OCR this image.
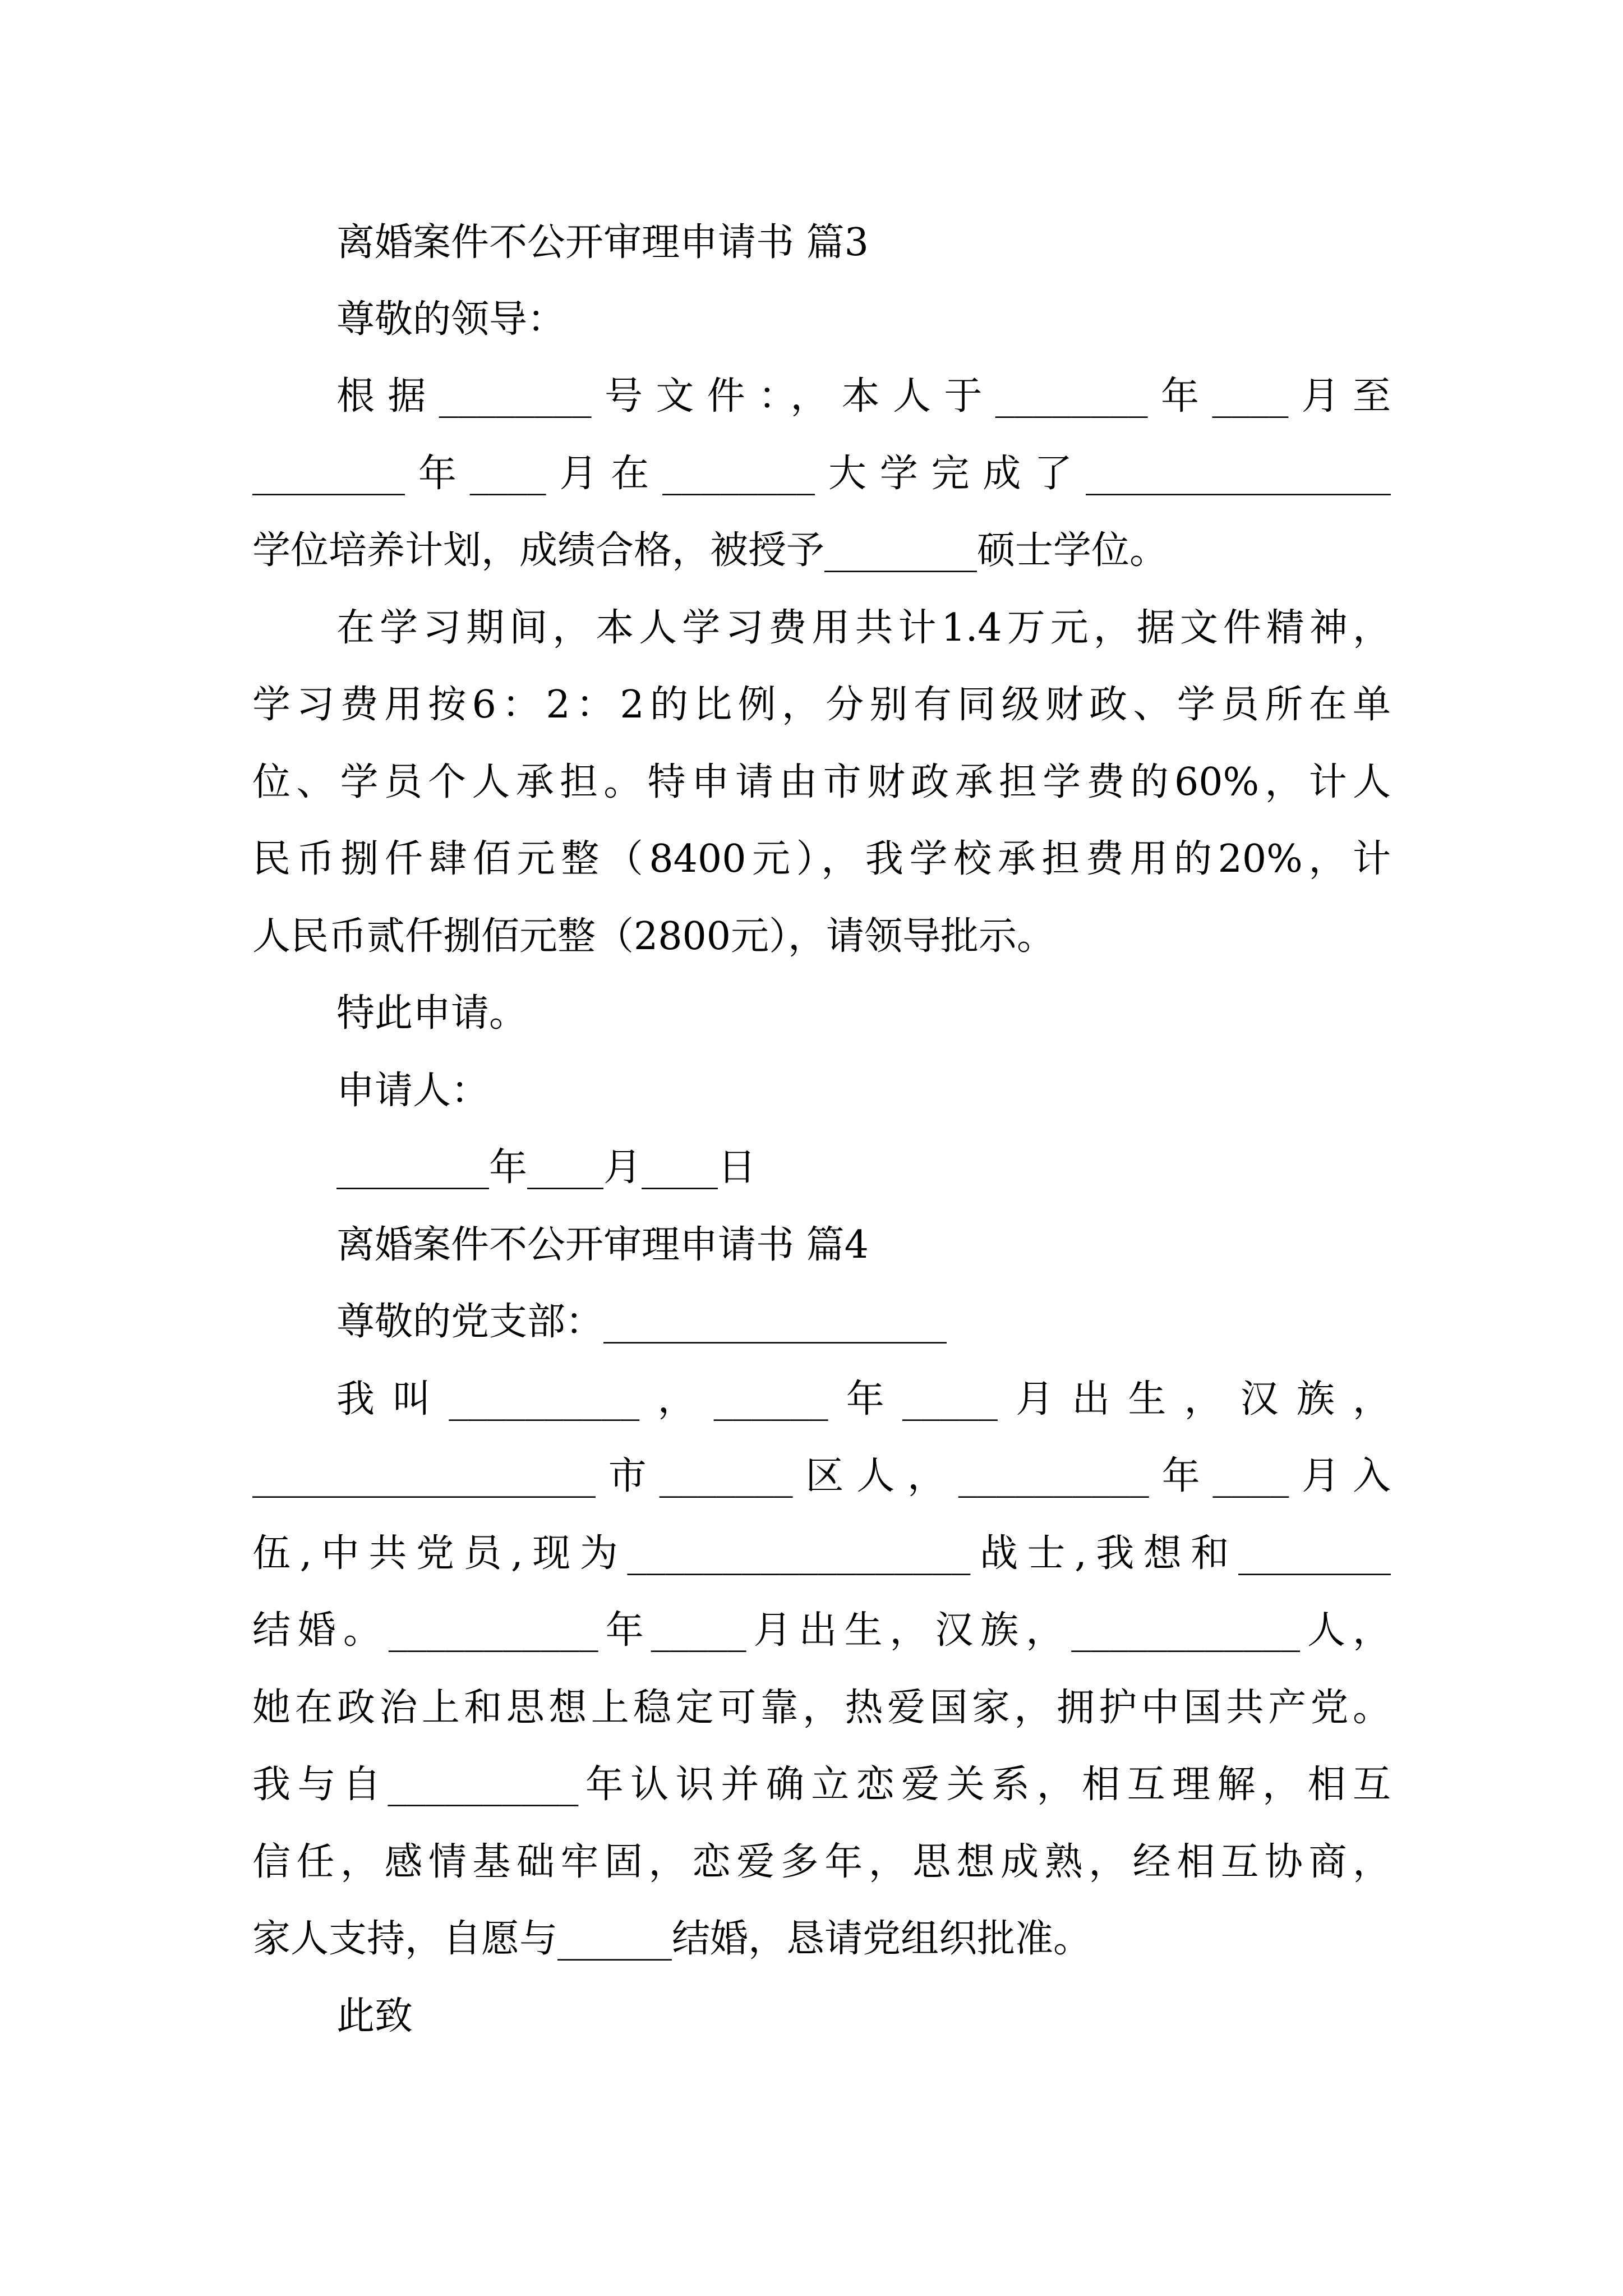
离婚案件不公开审理申请书 篇3
尊敬的领导：
根据________号文件：，本人于________年____月至
________年____月在________大学完成了________________
学位培养计划，成绩合格，被授予________硕士学位。
在学习期间，本人学习费用共计1.4万元，据文件精神，
学习费用按6：2：2的比例，分别有同级财政、学员所在单
位、学员个人承担。特申请由市财政承担学费的60%，计人
民币捌仟肆佰元整（8400元），我学校承担费用的20%，计
人民币贰仟捌佰元整（2800元），请领导批示。
特此申请。
申请人：
________年____月____日
离婚案件不公开审理申请书 篇4
尊敬的党支部：__________________
我叫__________，______年_____月出生，汉族，
__________________市_______区人，__________年____月入
伍,中共党员,现为__________________战士,我想和________
结婚。___________年_____月出生，汉族，____________人，
她在政治上和思想上稳定可靠，热爱国家，拥护中国共产党。
我与自__________年认识并确立恋爱关系，相互理解，相互
信任，感情基础牢固，恋爱多年，思想成熟，经相互协商，
家人支持，自愿与______结婚，恳请党组织批准。
此致
